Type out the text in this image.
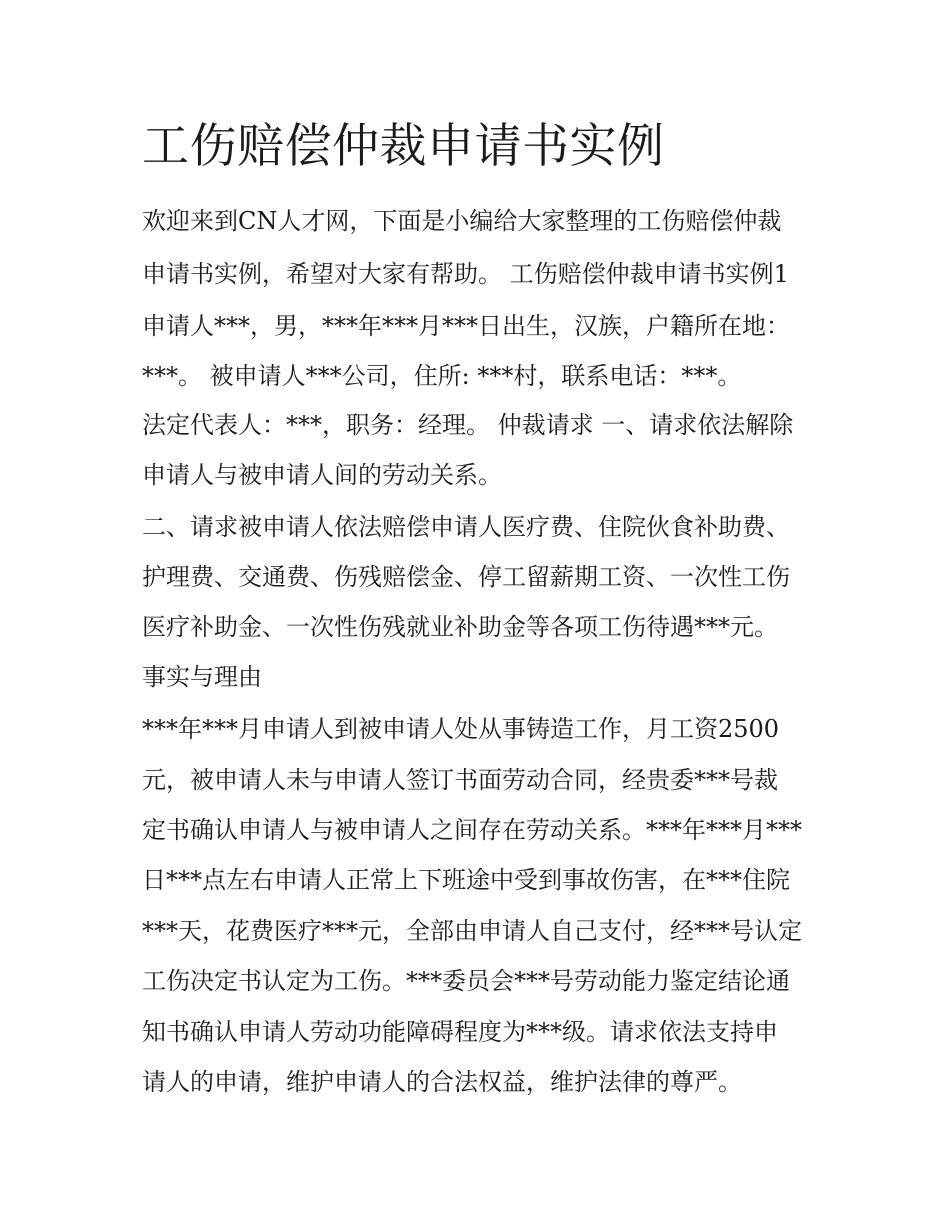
工伤赔偿仲裁申请书实例

欢迎来到CN人才网，下面是小编给大家整理的工伤赔偿仲裁

申请书实例，希望对大家有帮助。 工伤赔偿仲裁申请书实例1

申请人***，男，***年***月***日出生，汉族，户籍所在地：

***。 被申请人***公司，住所: ***村，联系电话：***。

法定代表人：***，职务：经理。 仲裁请求 一、请求依法解除

申请人与被申请人间的劳动关系。

二、请求被申请人依法赔偿申请人医疗费、住院伙食补助费、

护理费、交通费、伤残赔偿金、停工留薪期工资、一次性工伤

医疗补助金、一次性伤残就业补助金等各项工伤待遇***元。

事实与理由

***年***月申请人到被申请人处从事铸造工作，月工资2500

元，被申请人未与申请人签订书面劳动合同，经贵委***号裁

定书确认申请人与被申请人之间存在劳动关系。***年***月***

日***点左右申请人正常上下班途中受到事故伤害，在***住院

***天，花费医疗***元，全部由申请人自己支付，经***号认定

工伤决定书认定为工伤。***委员会***号劳动能力鉴定结论通

知书确认申请人劳动功能障碍程度为***级。请求依法支持申

请人的申请，维护申请人的合法权益，维护法律的尊严。
